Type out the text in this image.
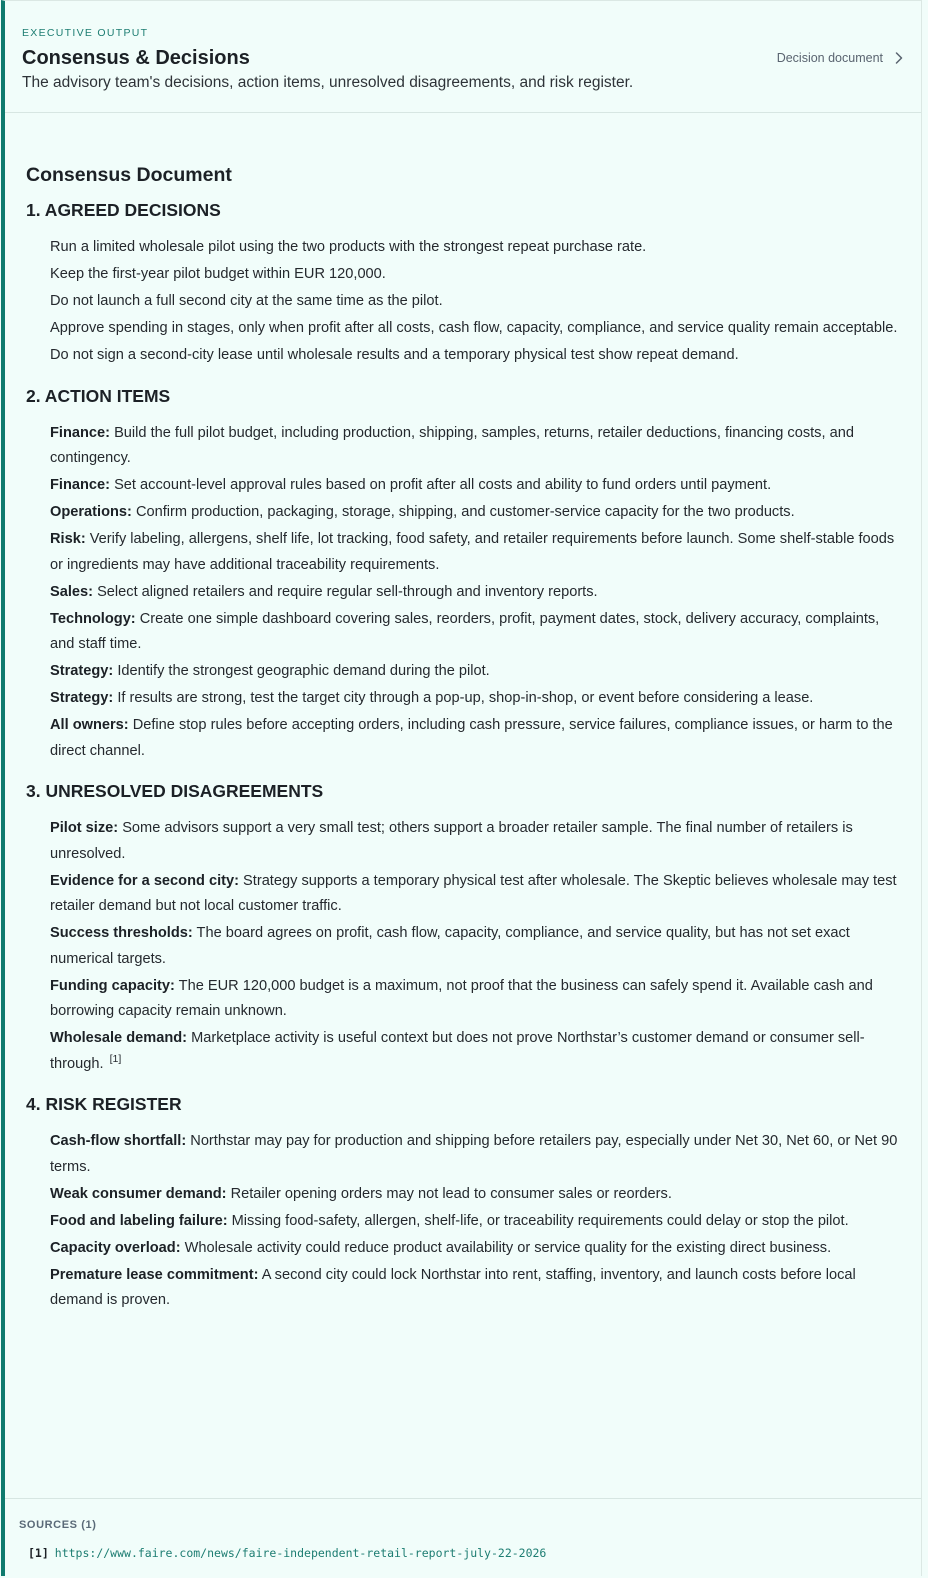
EXECUTIVE OUTPUT
Consensus & Decisions
The advisory team's decisions, action items, unresolved disagreements, and risk register.
Decision document
Consensus Document
1. AGREED DECISIONS
Run a limited wholesale pilot using the two products with the strongest repeat purchase rate.
Keep the first-year pilot budget within EUR 120,000.
Do not launch a full second city at the same time as the pilot.
Approve spending in stages, only when profit after all costs, cash flow, capacity, compliance, and service quality remain acceptable.
Do not sign a second-city lease until wholesale results and a temporary physical test show repeat demand.
2. ACTION ITEMS
Finance: Build the full pilot budget, including production, shipping, samples, returns, retailer deductions, financing costs, and contingency.
Finance: Set account-level approval rules based on profit after all costs and ability to fund orders until payment.
Operations: Confirm production, packaging, storage, shipping, and customer-service capacity for the two products.
Risk: Verify labeling, allergens, shelf life, lot tracking, food safety, and retailer requirements before launch. Some shelf-stable foods or ingredients may have additional traceability requirements.
Sales: Select aligned retailers and require regular sell-through and inventory reports.
Technology: Create one simple dashboard covering sales, reorders, profit, payment dates, stock, delivery accuracy, complaints, and staff time.
Strategy: Identify the strongest geographic demand during the pilot.
Strategy: If results are strong, test the target city through a pop-up, shop-in-shop, or event before considering a lease.
All owners: Define stop rules before accepting orders, including cash pressure, service failures, compliance issues, or harm to the direct channel.
3. UNRESOLVED DISAGREEMENTS
Pilot size: Some advisors support a very small test; others support a broader retailer sample. The final number of retailers is unresolved.
Evidence for a second city: Strategy supports a temporary physical test after wholesale. The Skeptic believes wholesale may test retailer demand but not local customer traffic.
Success thresholds: The board agrees on profit, cash flow, capacity, compliance, and service quality, but has not set exact numerical targets.
Funding capacity: The EUR 120,000 budget is a maximum, not proof that the business can safely spend it. Available cash and borrowing capacity remain unknown.
Wholesale demand: Marketplace activity is useful context but does not prove Northstar’s customer demand or consumer sell-through. [1]
4. RISK REGISTER
Cash-flow shortfall: Northstar may pay for production and shipping before retailers pay, especially under Net 30, Net 60, or Net 90 terms.
Weak consumer demand: Retailer opening orders may not lead to consumer sales or reorders.
Food and labeling failure: Missing food-safety, allergen, shelf-life, or traceability requirements could delay or stop the pilot.
Capacity overload: Wholesale activity could reduce product availability or service quality for the existing direct business.
Premature lease commitment: A second city could lock Northstar into rent, staffing, inventory, and launch costs before local demand is proven.
SOURCES (1)
[1] https://www.faire.com/news/faire-independent-retail-report-july-22-2026
